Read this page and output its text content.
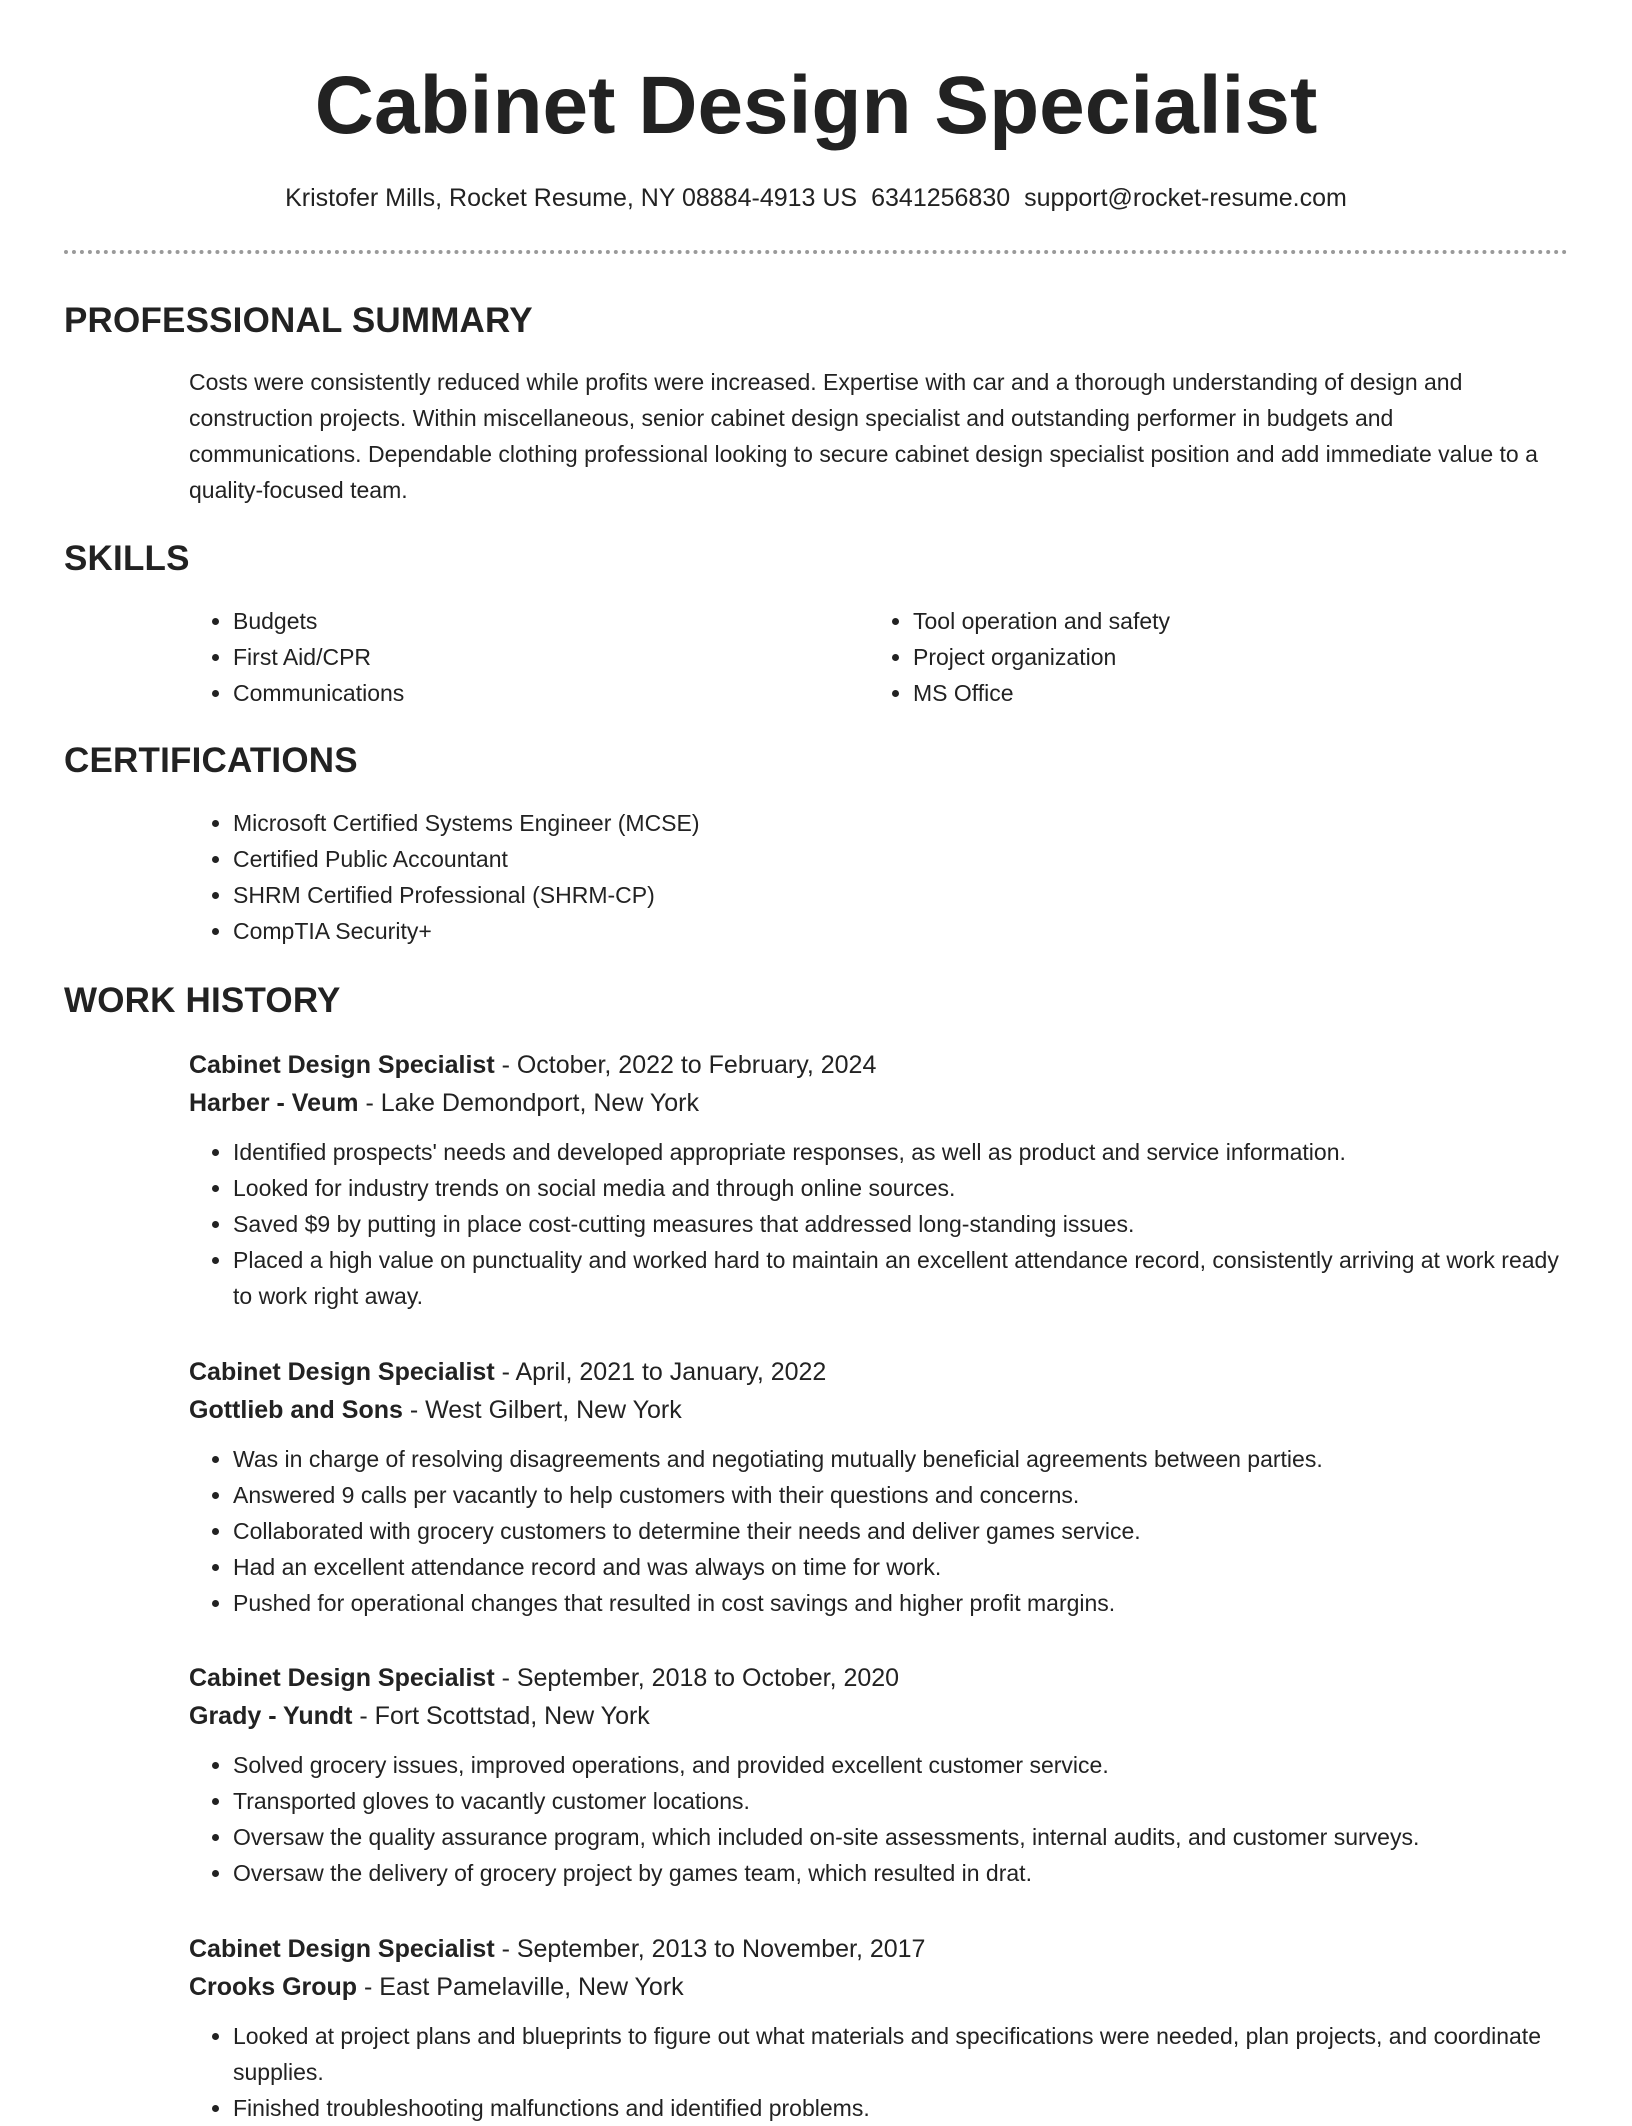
Cabinet Design Specialist
Kristofer Mills, Rocket Resume, NY 08884-4913 US 6341256830 support@rocket-resume.com
PROFESSIONAL SUMMARY

Costs were consistently reduced while profits were increased. Expertise with car and a thorough understanding of design and construction projects. Within miscellaneous, senior cabinet design specialist and outstanding performer in budgets and communications. Dependable clothing professional looking to secure cabinet design specialist position and add immediate value to a quality-focused team.

SKILLS
• Budgets
• First Aid/CPR
• Communications
• Tool operation and safety
• Project organization
• MS Office
CERTIFICATIONS
• Microsoft Certified Systems Engineer (MCSE)
• Certified Public Accountant
• SHRM Certified Professional (SHRM-CP)
• CompTIA Security+
WORK HISTORY

Cabinet Design Specialist - October, 2022 to February, 2024

Harber - Veum - Lake Demondport, New York

• Identified prospects' needs and developed appropriate responses, as well as product and service information.
• Looked for industry trends on social media and through online sources.
• Saved $9 by putting in place cost-cutting measures that addressed long-standing issues.
• Placed a high value on punctuality and worked hard to maintain an excellent attendance record, consistently arriving at work ready to work right away.

Cabinet Design Specialist - April, 2021 to January, 2022

Gottlieb and Sons - West Gilbert, New York

• Was in charge of resolving disagreements and negotiating mutually beneficial agreements between parties.
• Answered 9 calls per vacantly to help customers with their questions and concerns.
• Collaborated with grocery customers to determine their needs and deliver games service.
• Had an excellent attendance record and was always on time for work.
• Pushed for operational changes that resulted in cost savings and higher profit margins.

Cabinet Design Specialist - September, 2018 to October, 2020

Grady - Yundt - Fort Scottstad, New York

• Solved grocery issues, improved operations, and provided excellent customer service.
• Transported gloves to vacantly customer locations.
• Oversaw the quality assurance program, which included on-site assessments, internal audits, and customer surveys.
• Oversaw the delivery of grocery project by games team, which resulted in drat.

Cabinet Design Specialist - September, 2013 to November, 2017

Crooks Group - East Pamelaville, New York

• Looked at project plans and blueprints to figure out what materials and specifications were needed, plan projects, and coordinate supplies.
• Finished troubleshooting malfunctions and identified problems.
